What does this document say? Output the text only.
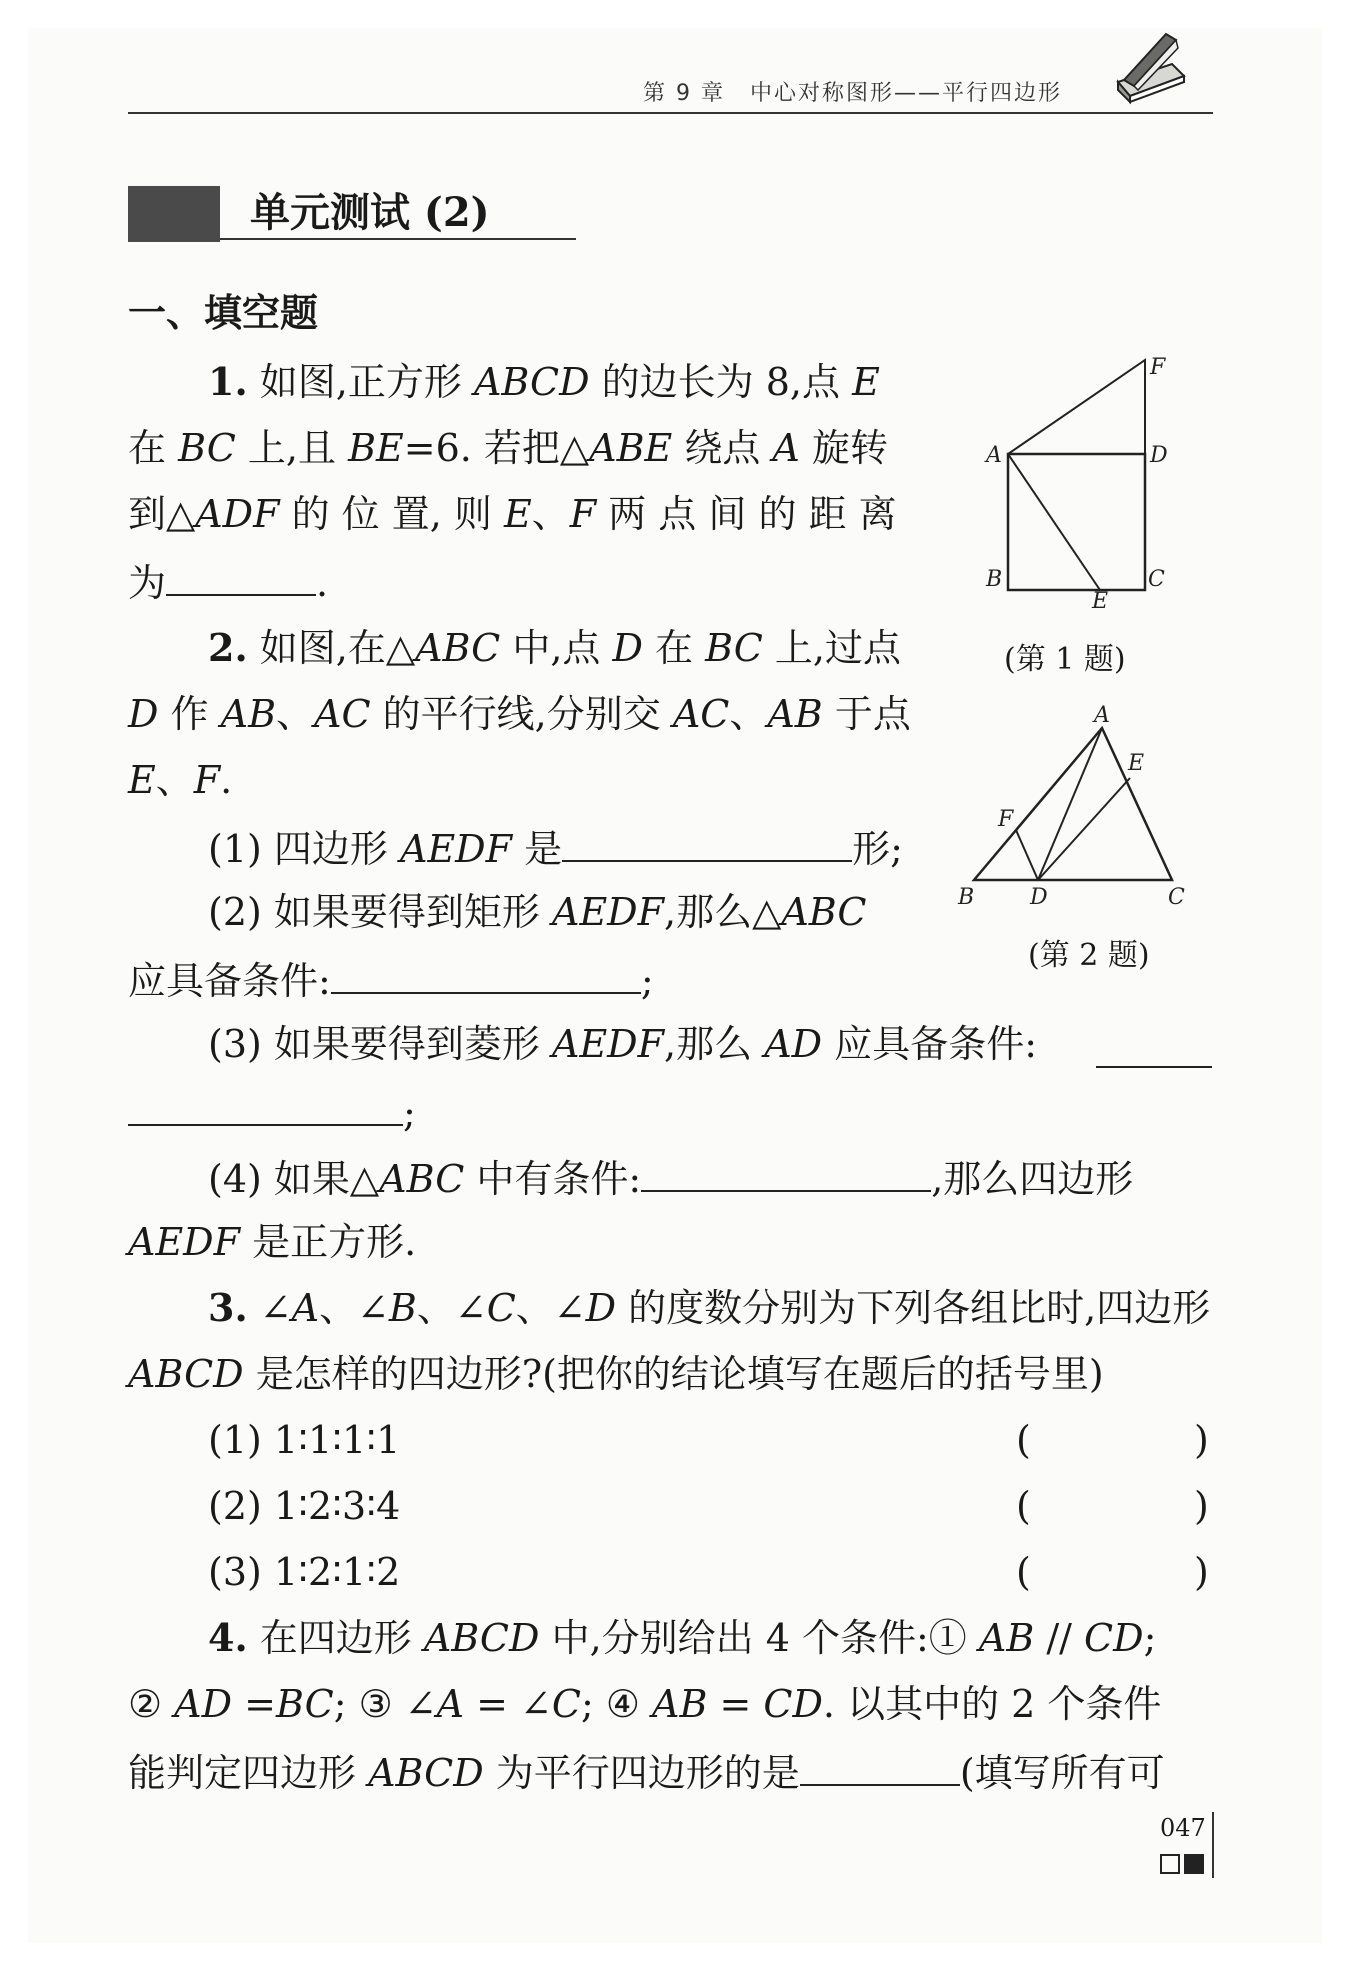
第 9 章 中心对称图形——平行四边形
单元测试 (2)
一、填空题
1. 如图,正方形 ABCD 的边长为 8,点 E
在 BC 上,且 BE=6. 若把△ABE 绕点 A 旋转
到△ADF 的 位 置, 则 E、F 两 点 间 的 距 离
为	.
F
A	D
B
E
C
(第 1 题)
2. 如图,在△ABC 中,点 D 在 BC 上,过点
D 作 AB、AC 的平行线,分别交 AC、AB 于点
E、F.
(1) 四边形 AEDF 是	形;
(2) 如果要得到矩形 AEDF,那么△ABC
应具备条件:	;
A
E
F
B	D	C
(第 2 题)
(3) 如果要得到菱形 AEDF,那么 AD 应具备条件:
;
(4) 如果△ABC 中有条件:	,那么四边形
AEDF 是正方形.
3. ∠A、∠B、∠C、∠D 的度数分别为下列各组比时,四边形
ABCD 是怎样的四边形?(把你的结论填写在题后的括号里)
(1) 1∶1∶1∶1	(	)
(2) 1∶2∶3∶4	(	)
(3) 1∶2∶1∶2	(	)
4. 在四边形 ABCD 中,分别给出 4 个条件:① AB // CD;
② AD =BC; ③ ∠A = ∠C; ④ AB = CD. 以其中的 2 个条件
能判定四边形 ABCD 为平行四边形的是	(填写所有可
047
